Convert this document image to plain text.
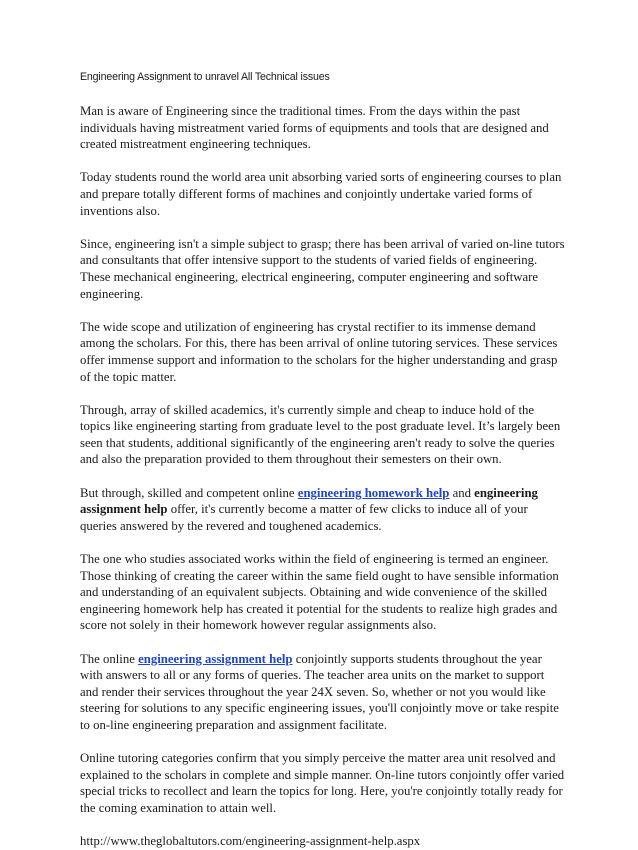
Engineering Assignment to unravel All Technical issues

Man is aware of Engineering since the traditional times. From the days within the past individuals having mistreatment varied forms of equipments and tools that are designed and created mistreatment engineering techniques.

Today students round the world area unit absorbing varied sorts of engineering courses to plan and prepare totally different forms of machines and conjointly undertake varied forms of inventions also.

Since, engineering isn't a simple subject to grasp; there has been arrival of varied on-line tutors and consultants that offer intensive support to the students of varied fields of engineering. These mechanical engineering, electrical engineering, computer engineering and software engineering.

The wide scope and utilization of engineering has crystal rectifier to its immense demand among the scholars. For this, there has been arrival of online tutoring services. These services offer immense support and information to the scholars for the higher understanding and grasp of the topic matter.

Through, array of skilled academics, it's currently simple and cheap to induce hold of the topics like engineering starting from graduate level to the post graduate level. It’s largely been seen that students, additional significantly of the engineering aren't ready to solve the queries and also the preparation provided to them throughout their semesters on their own.

But through, skilled and competent online engineering homework help and engineering assignment help offer, it's currently become a matter of few clicks to induce all of your queries answered by the revered and toughened academics.

The one who studies associated works within the field of engineering is termed an engineer. Those thinking of creating the career within the same field ought to have sensible information and understanding of an equivalent subjects. Obtaining and wide convenience of the skilled engineering homework help has created it potential for the students to realize high grades and score not solely in their homework however regular assignments also.

The online engineering assignment help conjointly supports students throughout the year with answers to all or any forms of queries. The teacher area units on the market to support and render their services throughout the year 24X seven. So, whether or not you would like steering for solutions to any specific engineering issues, you'll conjointly move or take respite to on-line engineering preparation and assignment facilitate.

Online tutoring categories confirm that you simply perceive the matter area unit resolved and explained to the scholars in complete and simple manner. On-line tutors conjointly offer varied special tricks to recollect and learn the topics for long. Here, you're conjointly totally ready for the coming examination to attain well.

http://www.theglobaltutors.com/engineering-assignment-help.aspx
